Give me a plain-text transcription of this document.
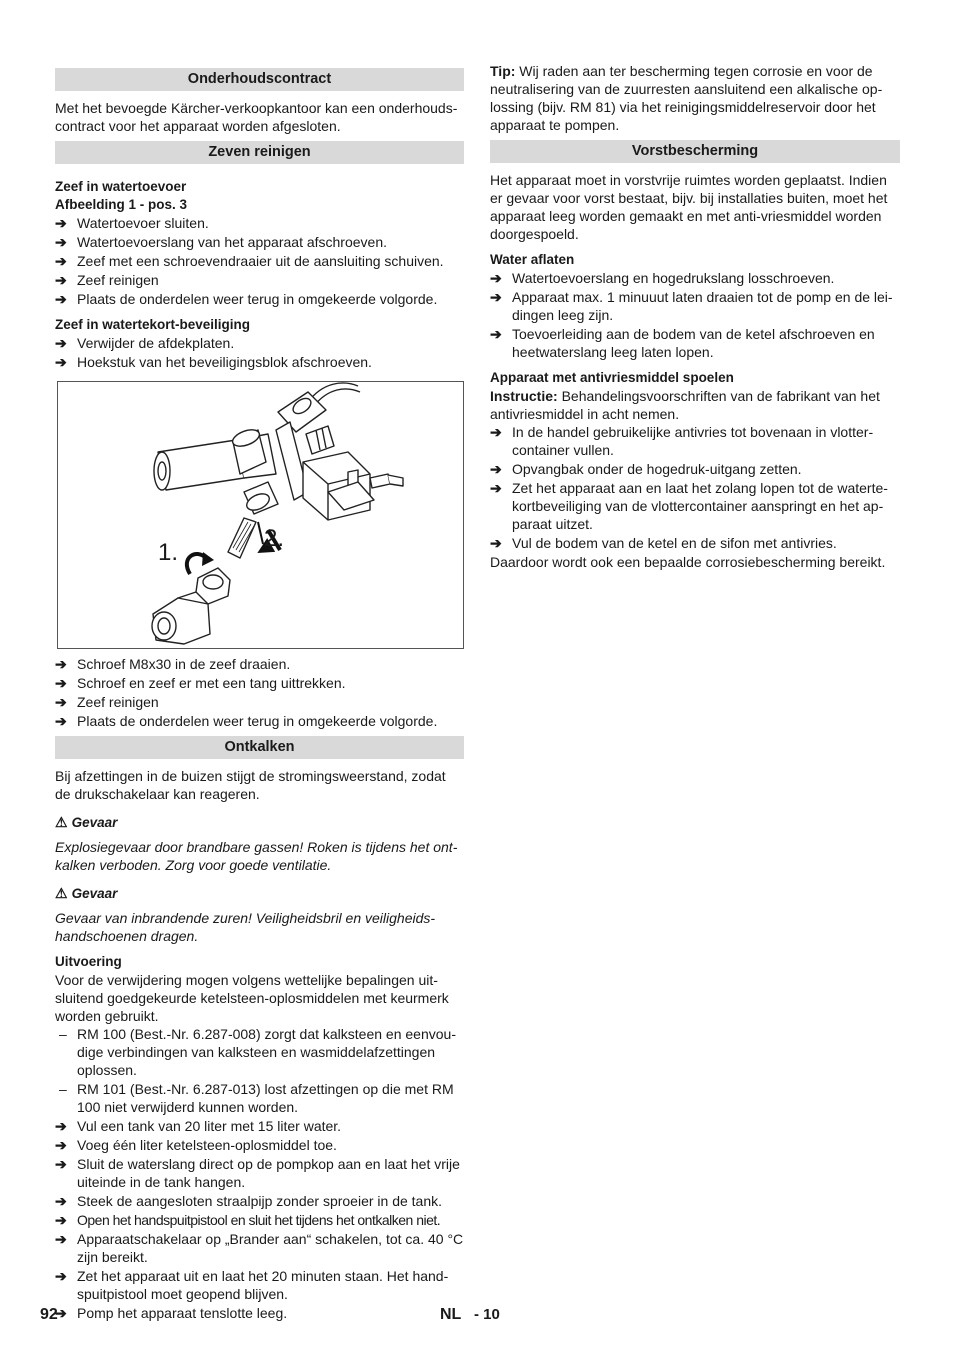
Onderhoudscontract

Met het bevoegde Kärcher-verkoopkantoor kan een onderhouds-contract voor het apparaat worden afgesloten.

Zeven reinigen

Zeef in watertoevoer

Afbeelding 1 - pos. 3

➔ Watertoevoer sluiten.
➔ Watertoevoerslang van het apparaat afschroeven.
➔ Zeef met een schroevendraaier uit de aansluiting schuiven.
➔ Zeef reinigen
➔ Plaats de onderdelen weer terug in omgekeerde volgorde.

Zeef in watertekort-beveiliging

➔ Verwijder de afdekplaten.
➔ Hoekstuk van het beveiligingsblok afschroeven.
1.
2.
➔ Schroef M8x30 in de zeef draaien.
➔ Schroef en zeef er met een tang uittrekken.
➔ Zeef reinigen
➔ Plaats de onderdelen weer terug in omgekeerde volgorde.
Ontkalken

Bij afzettingen in de buizen stijgt de stromingsweerstand, zodat de drukschakelaar kan reageren.

⚠ Gevaar

Explosiegevaar door brandbare gassen! Roken is tijdens het ont-kalken verboden. Zorg voor goede ventilatie.

⚠ Gevaar

Gevaar van inbrandende zuren! Veiligheidsbril en veiligheids-handschoenen dragen.

Uitvoering

Voor de verwijdering mogen volgens wettelijke bepalingen uit-sluitend goedgekeurde ketelsteen-oplosmiddelen met keurmerk worden gebruikt.

– RM 100 (Best.-Nr. 6.287-008) zorgt dat kalksteen en eenvou-dige verbindingen van kalksteen en wasmiddelafzettingen oplossen.
– RM 101 (Best.-Nr. 6.287-013) lost afzettingen op die met RM 100 niet verwijderd kunnen worden.
➔ Vul een tank van 20 liter met 15 liter water.
➔ Voeg één liter ketelsteen-oplosmiddel toe.
➔ Sluit de waterslang direct op de pompkop aan en laat het vrije uiteinde in de tank hangen.
➔ Steek de aangesloten straalpijp zonder sproeier in de tank.
➔ Open het handspuitpistool en sluit het tijdens het ontkalken niet.
➔ Apparaatschakelaar op „Brander aan“ schakelen, tot ca. 40 °C zijn bereikt.
➔ Zet het apparaat uit en laat het 20 minuten staan. Het hand-spuitpistool moet geopend blijven.
➔ Pomp het apparaat tenslotte leeg.

Tip: Wij raden aan ter bescherming tegen corrosie en voor de neutralisering van de zuurresten aansluitend een alkalische op-lossing (bijv. RM 81) via het reinigingsmiddelreservoir door het apparaat te pompen.

Vorstbescherming

Het apparaat moet in vorstvrije ruimtes worden geplaatst. Indien er gevaar voor vorst bestaat, bijv. bij installaties buiten, moet het apparaat leeg worden gemaakt en met anti-vriesmiddel worden doorgespoeld.

Water aflaten

➔ Watertoevoerslang en hogedrukslang losschroeven.
➔ Apparaat max. 1 minuuut laten draaien tot de pomp en de lei-dingen leeg zijn.
➔ Toevoerleiding aan de bodem van de ketel afschroeven en heetwaterslang leeg laten lopen.

Apparaat met antivriesmiddel spoelen

Instructie: Behandelingsvoorschriften van de fabrikant van het antivriesmiddel in acht nemen.

➔ In de handel gebruikelijke antivries tot bovenaan in vlotter-container vullen.
➔ Opvangbak onder de hogedruk-uitgang zetten.
➔ Zet het apparaat aan en laat het zolang lopen tot de waterte-kortbeveiliging van de vlottercontainer aanspringt en het ap-paraat uitzet.
➔ Vul de bodem van de ketel en de sifon met antivries.

Daardoor wordt ook een bepaalde corrosiebescherming bereikt.

92	NL - 10
